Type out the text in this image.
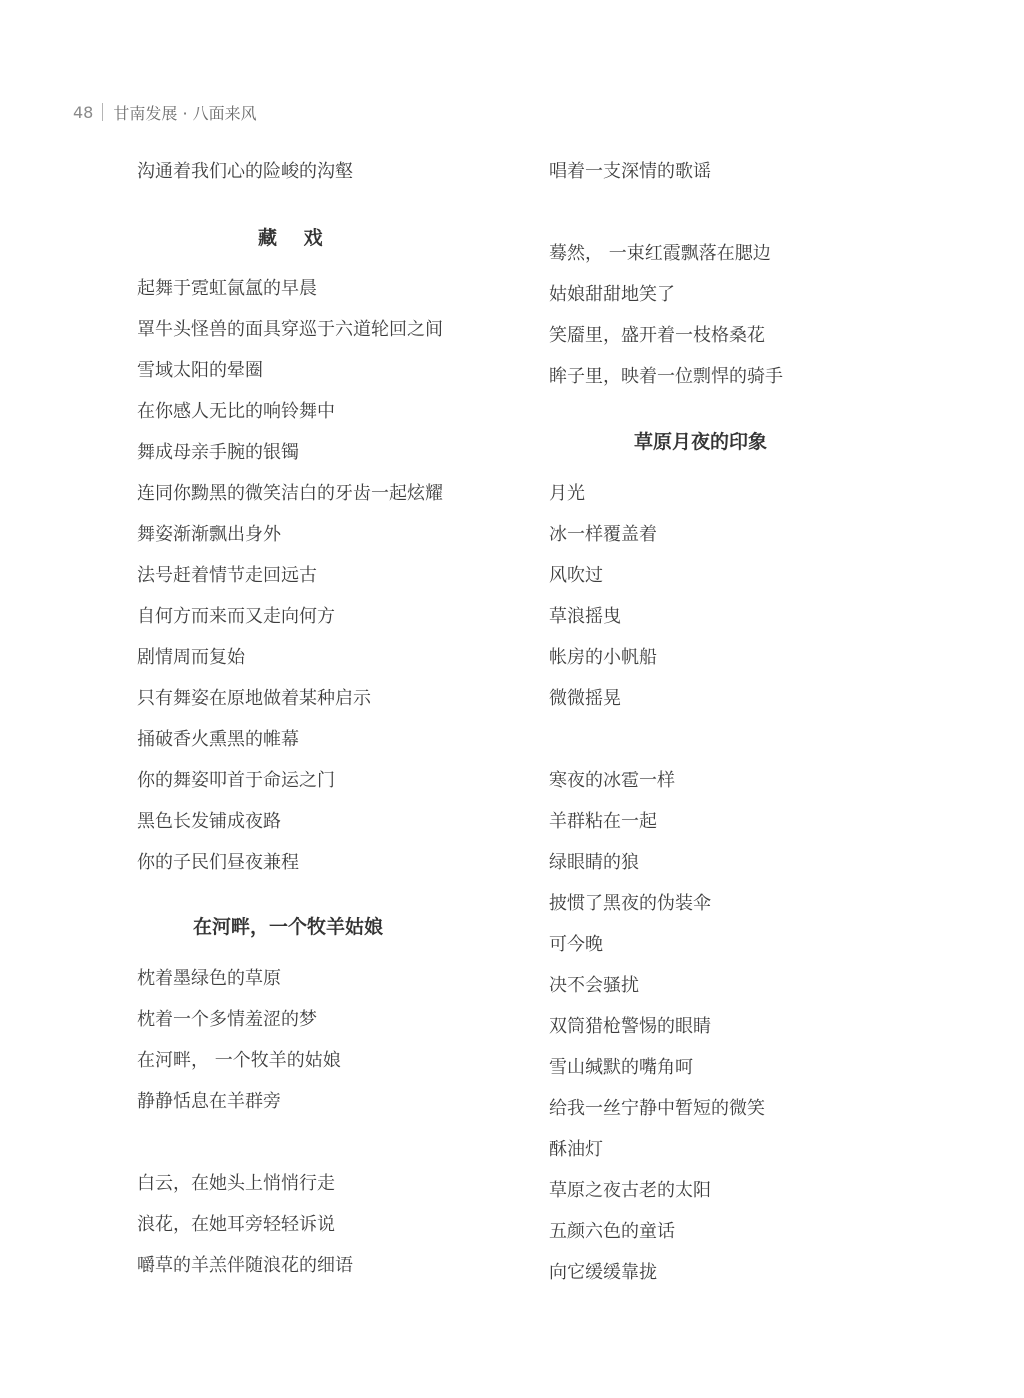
48 甘南发展 · 八面来风
沟通着我们心的险峻的沟壑
藏 戏
起舞于霓虹氤氲的早晨
罩牛头怪兽的面具穿巡于六道轮回之间
雪域太阳的晕圈
在你感人无比的响铃舞中
舞成母亲手腕的银镯
连同你黝黑的微笑洁白的牙齿一起炫耀
舞姿渐渐飘出身外
法号赶着情节走回远古
自何方而来而又走向何方
剧情周而复始
只有舞姿在原地做着某种启示
捅破香火熏黑的帷幕
你的舞姿叩首于命运之门
黑色长发铺成夜路
你的子民们昼夜兼程
在河畔，一个牧羊姑娘
枕着墨绿色的草原
枕着一个多情羞涩的梦
在河畔， 一个牧羊的姑娘
静静恬息在羊群旁
白云，在她头上悄悄行走
浪花，在她耳旁轻轻诉说
嚼草的羊羔伴随浪花的细语
唱着一支深情的歌谣
蓦然， 一束红霞飘落在腮边
姑娘甜甜地笑了
笑靥里，盛开着一枝格桑花
眸子里，映着一位剽悍的骑手
草原月夜的印象
月光
冰一样覆盖着
风吹过
草浪摇曳
帐房的小帆船
微微摇晃
寒夜的冰雹一样
羊群粘在一起
绿眼睛的狼
披惯了黑夜的伪装伞
可今晚
决不会骚扰
双筒猎枪警惕的眼睛
雪山缄默的嘴角呵
给我一丝宁静中暂短的微笑
酥油灯
草原之夜古老的太阳
五颜六色的童话
向它缓缓靠拢
